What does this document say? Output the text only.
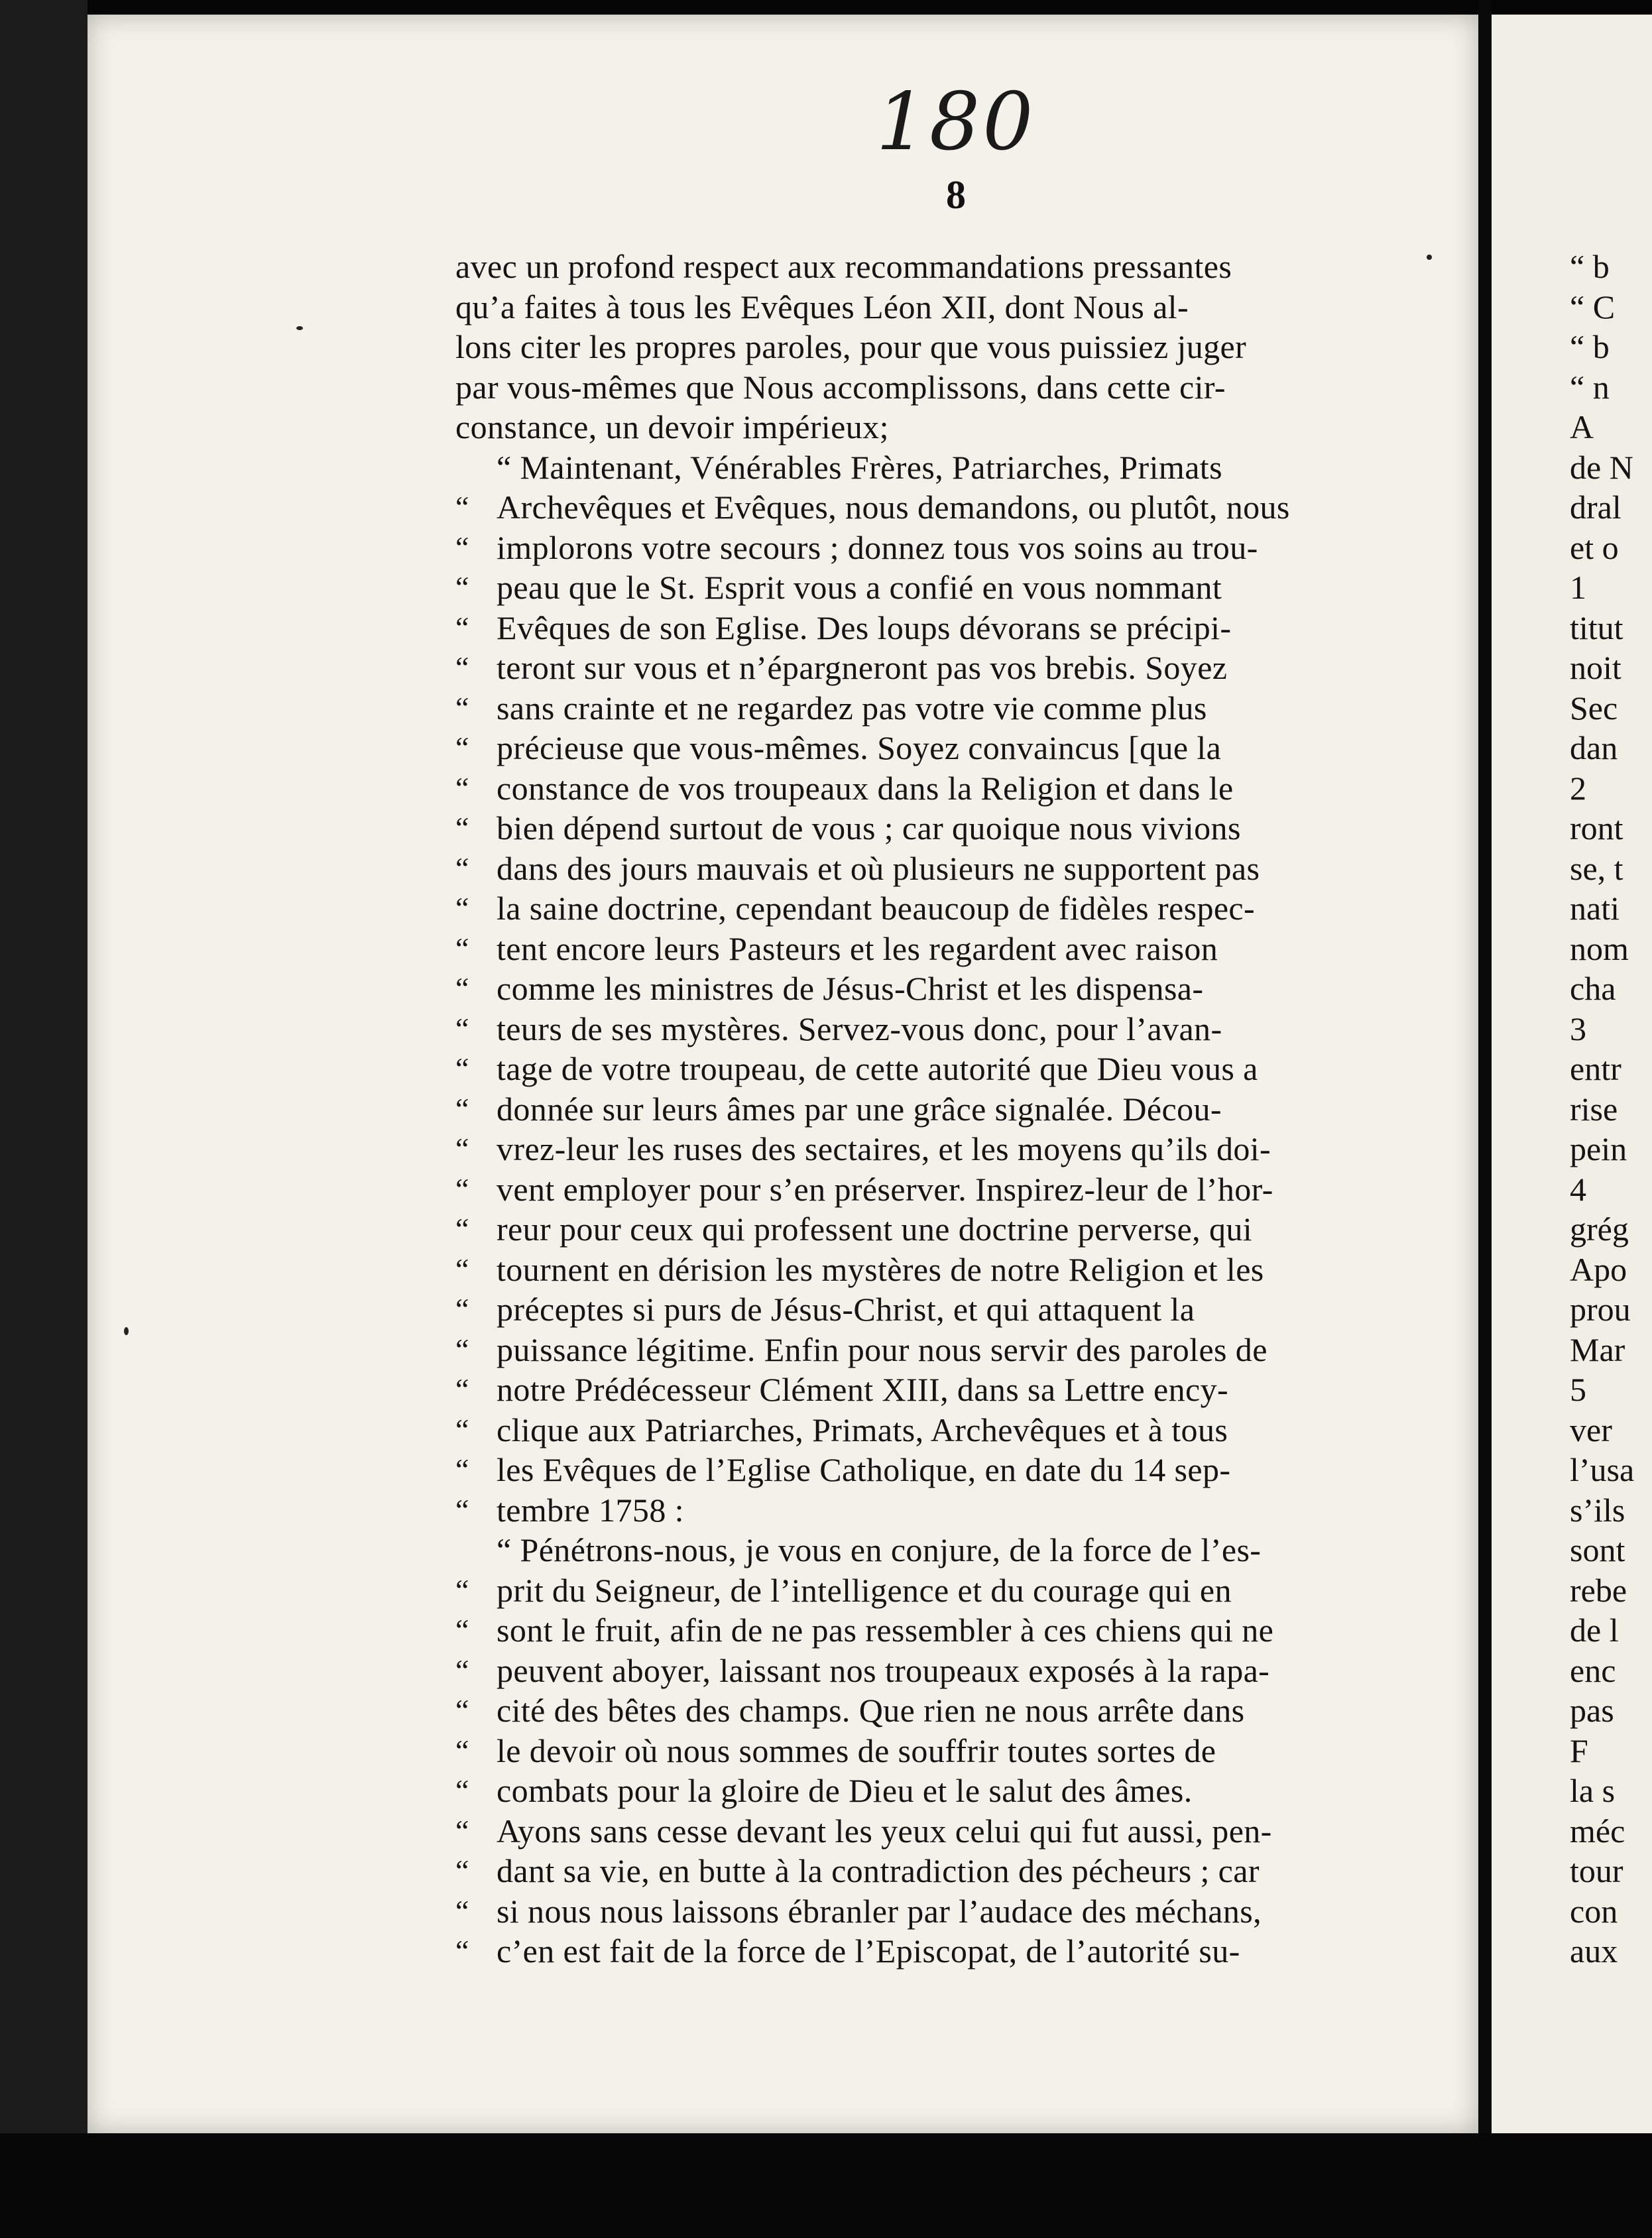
180
8
avec un profond respect aux recommandations pressantes
qu’a faites à tous les Evêques Léon XII, dont Nous al-
lons citer les propres paroles, pour que vous puissiez juger
par vous-mêmes que Nous accomplissons, dans cette cir-
constance, un devoir impérieux;
“ Maintenant, Vénérables Frères, Patriarches, Primats
“ Archevêques et Evêques, nous demandons, ou plutôt, nous
“ implorons votre secours ; donnez tous vos soins au trou-
“ peau que le St. Esprit vous a confié en vous nommant
“ Evêques de son Eglise. Des loups dévorans se précipi-
“ teront sur vous et n’épargneront pas vos brebis. Soyez
“ sans crainte et ne regardez pas votre vie comme plus
“ précieuse que vous-mêmes. Soyez convaincus [que la
“ constance de vos troupeaux dans la Religion et dans le
“ bien dépend surtout de vous ; car quoique nous vivions
“ dans des jours mauvais et où plusieurs ne supportent pas
“ la saine doctrine, cependant beaucoup de fidèles respec-
“ tent encore leurs Pasteurs et les regardent avec raison
“ comme les ministres de Jésus-Christ et les dispensa-
“ teurs de ses mystères. Servez-vous donc, pour l’avan-
“ tage de votre troupeau, de cette autorité que Dieu vous a
“ donnée sur leurs âmes par une grâce signalée. Décou-
“ vrez-leur les ruses des sectaires, et les moyens qu’ils doi-
“ vent employer pour s’en préserver. Inspirez-leur de l’hor-
“ reur pour ceux qui professent une doctrine perverse, qui
“ tournent en dérision les mystères de notre Religion et les
“ préceptes si purs de Jésus-Christ, et qui attaquent la
“ puissance légitime. Enfin pour nous servir des paroles de
“ notre Prédécesseur Clément XIII, dans sa Lettre ency-
“ clique aux Patriarches, Primats, Archevêques et à tous
“ les Evêques de l’Eglise Catholique, en date du 14 sep-
“ tembre 1758 :
“ Pénétrons-nous, je vous en conjure, de la force de l’es-
“ prit du Seigneur, de l’intelligence et du courage qui en
“ sont le fruit, afin de ne pas ressembler à ces chiens qui ne
“ peuvent aboyer, laissant nos troupeaux exposés à la rapa-
“ cité des bêtes des champs. Que rien ne nous arrête dans
“ le devoir où nous sommes de souffrir toutes sortes de
“ combats pour la gloire de Dieu et le salut des âmes.
“ Ayons sans cesse devant les yeux celui qui fut aussi, pen-
“ dant sa vie, en butte à la contradiction des pécheurs ; car
“ si nous nous laissons ébranler par l’audace des méchans,
“ c’en est fait de la force de l’Episcopat, de l’autorité su-
“ b
“ C
“ b
“ n
A
de N
dral
et o
1
titut
noit
Sec
dan
2
ront
se, t
nati
nom
cha
3
entr
rise
pein
4
grég
Apo
prou
Mar
5
ver
l’usa
s’ils
sont
rebe
de l
enc
pas
F
la s
méc
tour
con
aux
